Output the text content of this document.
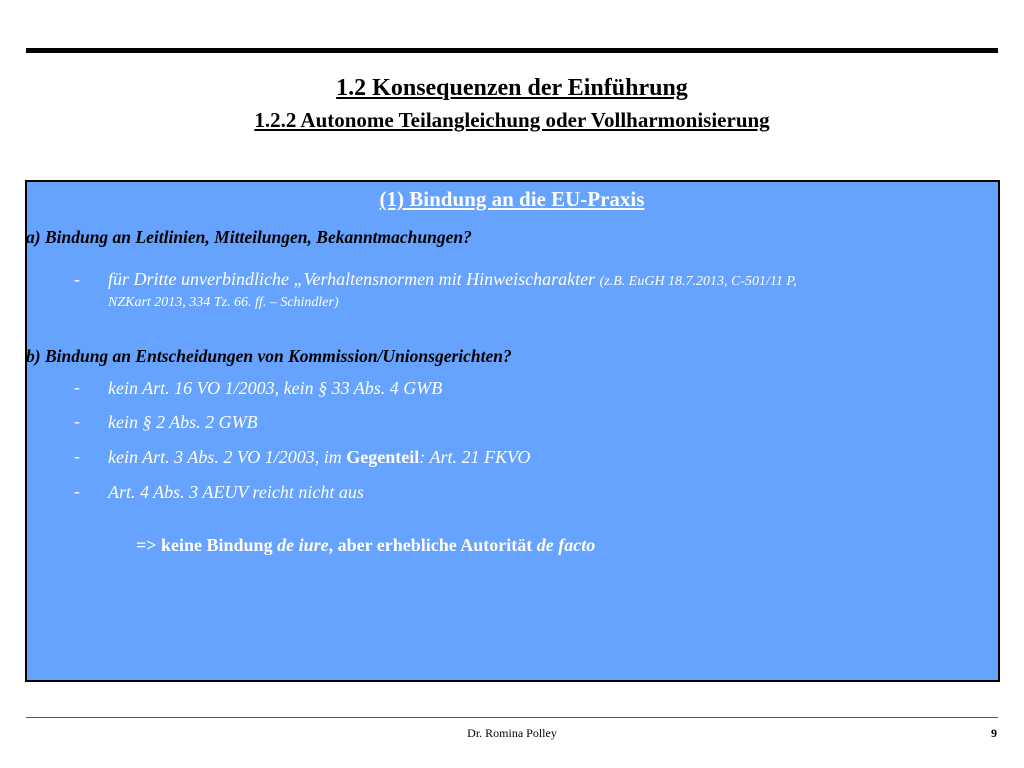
1.2 Konsequenzen der Einführung
1.2.2 Autonome Teilangleichung oder Vollharmonisierung
(1) Bindung an die EU-Praxis
a) Bindung an Leitlinien, Mitteilungen, Bekanntmachungen?
- für Dritte unverbindliche „Verhaltensnormen mit Hinweischarakter (z.B. EuGH 18.7.2013, C-501/11 P,
NZKart 2013, 334 Tz. 66. ff. – Schindler)
b) Bindung an Entscheidungen von Kommission/Unionsgerichten?
- kein Art. 16 VO 1/2003, kein § 33 Abs. 4 GWB
- kein § 2 Abs. 2 GWB
- kein Art. 3 Abs. 2 VO 1/2003, im Gegenteil: Art. 21 FKVO
- Art. 4 Abs. 3 AEUV reicht nicht aus
=> keine Bindung de iure, aber erhebliche Autorität de facto
Dr. Romina Polley	9
